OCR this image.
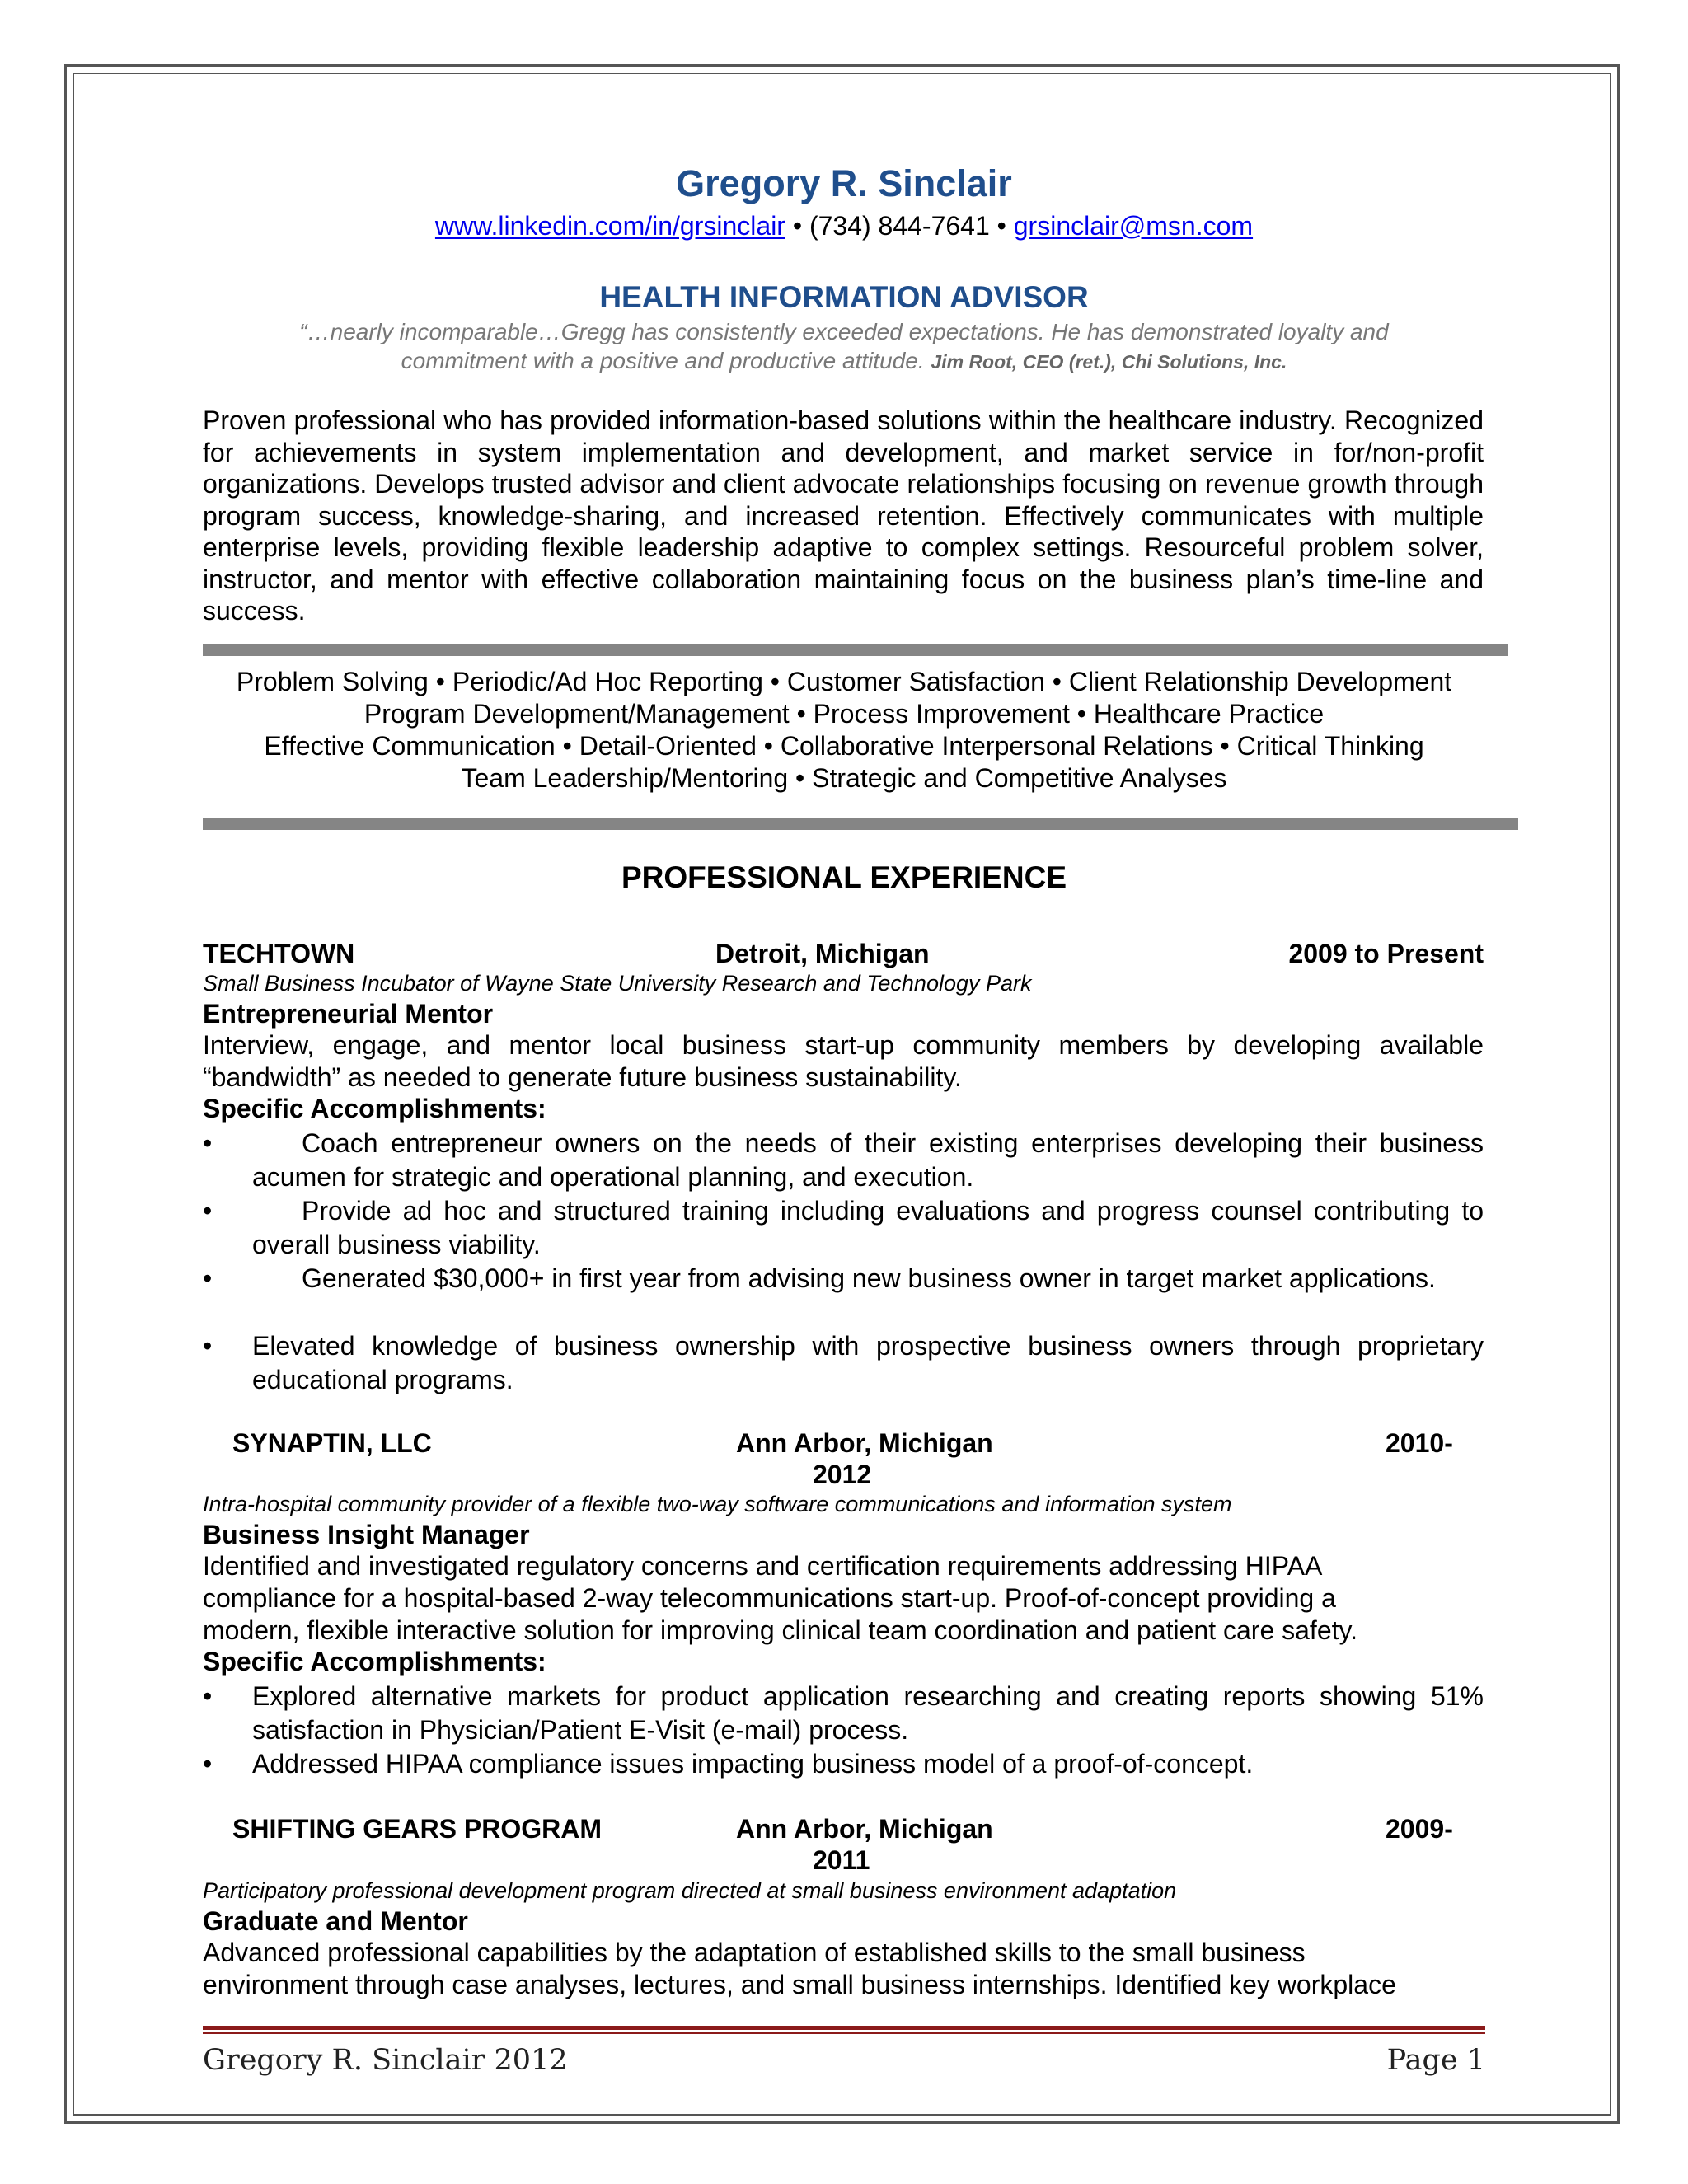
Gregory R. Sinclair
www.linkedin.com/in/grsinclair • (734) 844-7641 • grsinclair@msn.com
HEALTH INFORMATION ADVISOR
“…nearly incomparable…Gregg has consistently exceeded expectations. He has demonstrated loyalty and
commitment with a positive and productive attitude. Jim Root, CEO (ret.), Chi Solutions, Inc.
Proven professional who has provided information-based solutions within the healthcare industry. Recognized for achievements in system implementation and development, and market service in for/non-profit organizations. Develops trusted advisor and client advocate relationships focusing on revenue growth through program success, knowledge-sharing, and increased retention. Effectively communicates with multiple enterprise levels, providing flexible leadership adaptive to complex settings. Resourceful problem solver, instructor, and mentor with effective collaboration maintaining focus on the business plan’s time-line and success.
Problem Solving • Periodic/Ad Hoc Reporting • Customer Satisfaction • Client Relationship Development
Program Development/Management • Process Improvement • Healthcare Practice
Effective Communication • Detail-Oriented • Collaborative Interpersonal Relations • Critical Thinking
Team Leadership/Mentoring • Strategic and Competitive Analyses
PROFESSIONAL EXPERIENCE
TECHTOWN	Detroit, Michigan	2009 to Present
Small Business Incubator of Wayne State University Research and Technology Park
Entrepreneurial Mentor
Interview, engage, and mentor local business start-up community members by developing available “bandwidth” as needed to generate future business sustainability.
Specific Accomplishments:
•	Coach entrepreneur owners on the needs of their existing enterprises developing their business acumen for strategic and operational planning, and execution.
•	Provide ad hoc and structured training including evaluations and progress counsel contributing to overall business viability.
•	Generated $30,000+ in first year from advising new business owner in target market applications.
• Elevated knowledge of business ownership with prospective business owners through proprietary educational programs.
SYNAPTIN, LLC	Ann Arbor, Michigan	2010-
2012
Intra-hospital community provider of a flexible two-way software communications and information system
Business Insight Manager
Identified and investigated regulatory concerns and certification requirements addressing HIPAA
compliance for a hospital-based 2-way telecommunications start-up. Proof-of-concept providing a
modern, flexible interactive solution for improving clinical team coordination and patient care safety.
Specific Accomplishments:
• Explored alternative markets for product application researching and creating reports showing 51% satisfaction in Physician/Patient E-Visit (e-mail) process.
• Addressed HIPAA compliance issues impacting business model of a proof-of-concept.
SHIFTING GEARS PROGRAM	Ann Arbor, Michigan	2009-
2011
Participatory professional development program directed at small business environment adaptation
Graduate and Mentor
Advanced professional capabilities by the adaptation of established skills to the small business
environment through case analyses, lectures, and small business internships. Identified key workplace
Gregory R. Sinclair 2012	Page 1
